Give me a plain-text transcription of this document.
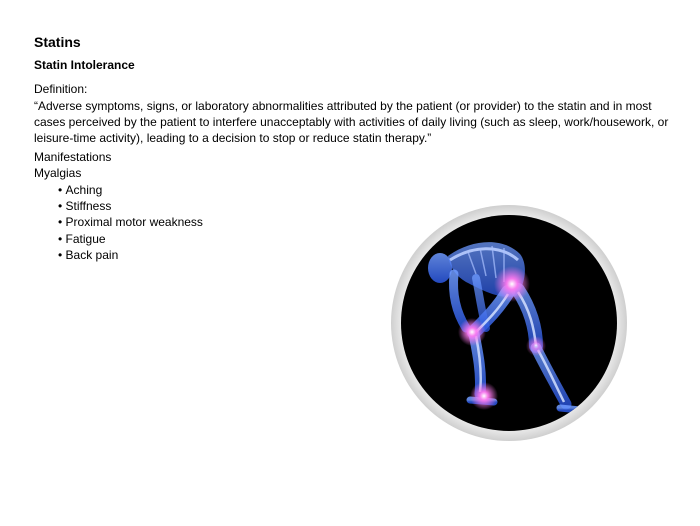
Statins
Statin Intolerance

Definition:

“Adverse symptoms, signs, or laboratory abnormalities attributed by the patient (or provider) to the statin and in most cases perceived by the patient to interfere unacceptably with activities of daily living (such as sleep, work/housework, or leisure-time activity), leading to a decision to stop or reduce statin therapy.”

Manifestations

Myalgias

• Aching
• Stiffness
• Proximal motor weakness
• Fatigue
• Back pain
